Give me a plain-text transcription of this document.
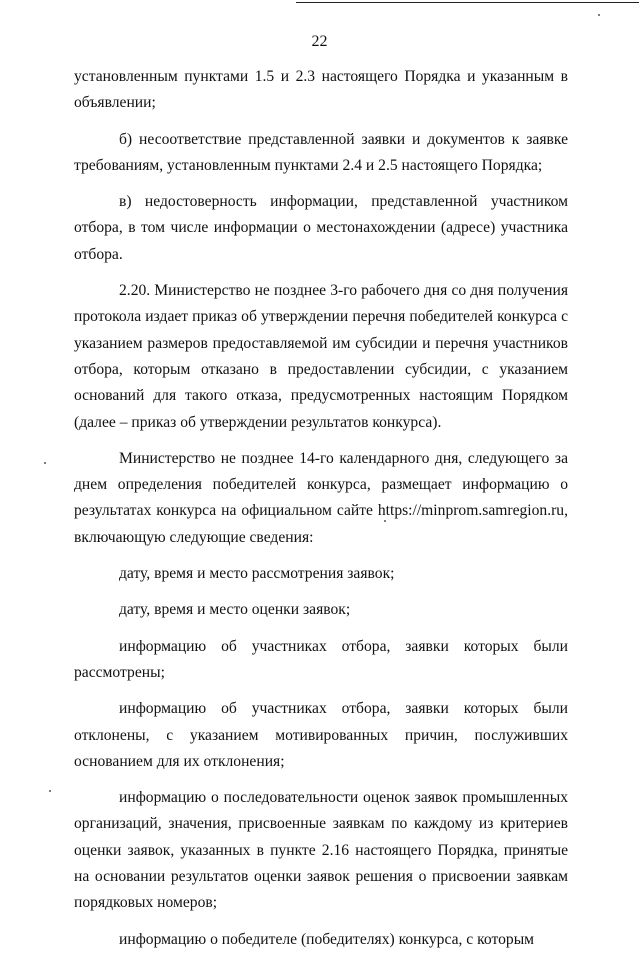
22

установленным пунктами 1.5 и 2.3 настоящего Порядка и указанным в объявлении;

б) несоответствие представленной заявки и документов к заявке требованиям, установленным пунктами 2.4 и 2.5 настоящего Порядка;

в) недостоверность информации, представленной участником отбора, в том числе информации о местонахождении (адресе) участника отбора.

2.20. Министерство не позднее 3-го рабочего дня со дня получения протокола издает приказ об утверждении перечня победителей конкурса с указанием размеров предоставляемой им субсидии и перечня участников отбора, которым отказано в предоставлении субсидии, с указанием оснований для такого отказа, предусмотренных настоящим Порядком (далее – приказ об утверждении результатов конкурса).

Министерство не позднее 14-го календарного дня, следующего за днем определения победителей конкурса, размещает информацию о результатах конкурса на официальном сайте https://minprom.samregion.ru, включающую следующие сведения:

дату, время и место рассмотрения заявок;

дату, время и место оценки заявок;

информацию об участниках отбора, заявки которых были рассмотрены;

информацию об участниках отбора, заявки которых были отклонены, с указанием мотивированных причин, послуживших основанием для их отклонения;

информацию о последовательности оценок заявок промышленных организаций, значения, присвоенные заявкам по каждому из критериев оценки заявок, указанных в пункте 2.16 настоящего Порядка, принятые на основании результатов оценки заявок решения о присвоении заявкам порядковых номеров;

информацию о победителе (победителях) конкурса, с которым
